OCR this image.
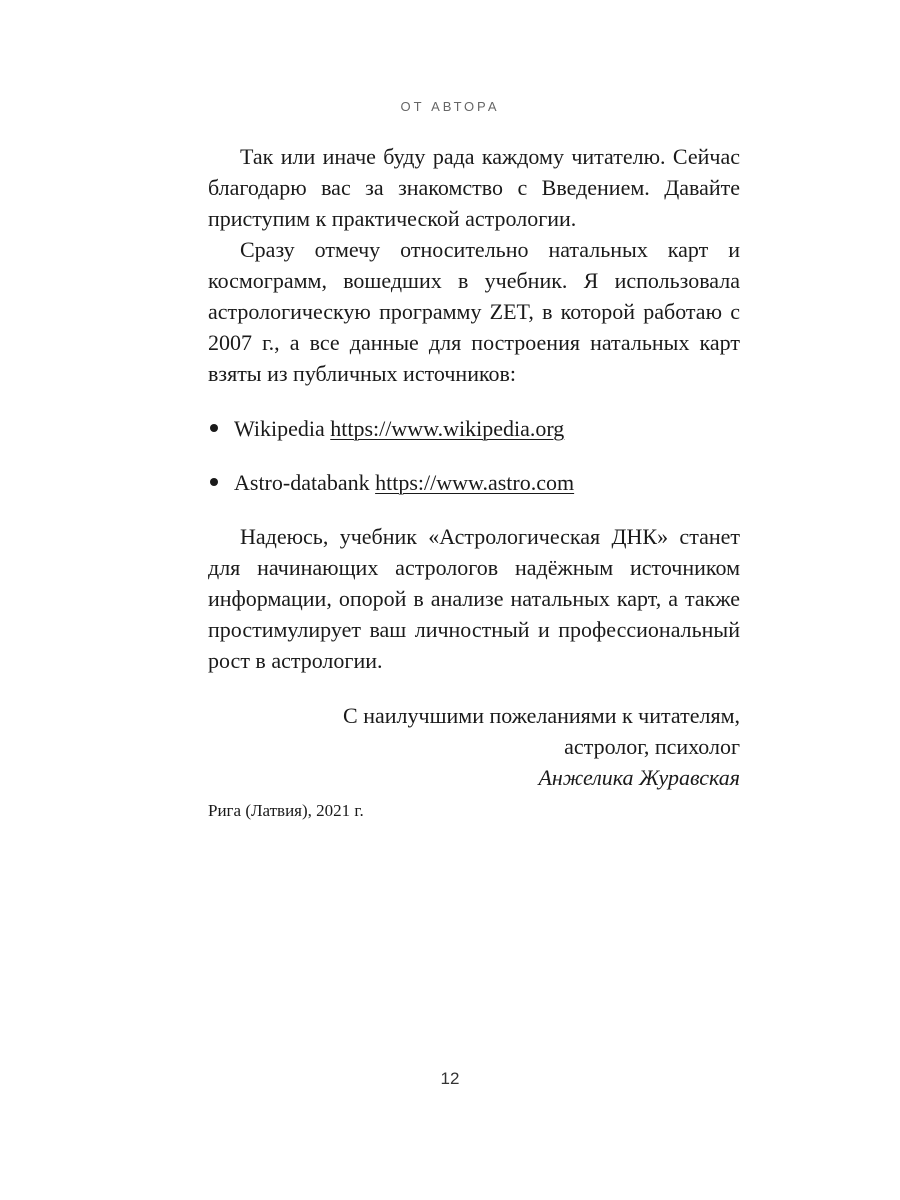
ОТ АВТОРА

Так или иначе буду рада каждому читателю. Сейчас благодарю вас за знакомство с Введением. Давайте приступим к практической астрологии.

Сразу отмечу относительно натальных карт и космограмм, вошедших в учебник. Я использовала астрологическую программу ZET, в которой работаю с 2007 г., а все данные для построения натальных карт взяты из публичных источников:

Wikipedia https://www.wikipedia.org
Astro-databank https://www.astro.com

Надеюсь, учебник «Астрологическая ДНК» станет для начинающих астрологов надёжным источником информации, опорой в анализе натальных карт, а также простимулирует ваш личностный и профессиональный рост в астрологии.

С наилучшими пожеланиями к читателям,
астролог, психолог
Анжелика Журавская
Рига (Латвия), 2021 г.
12
